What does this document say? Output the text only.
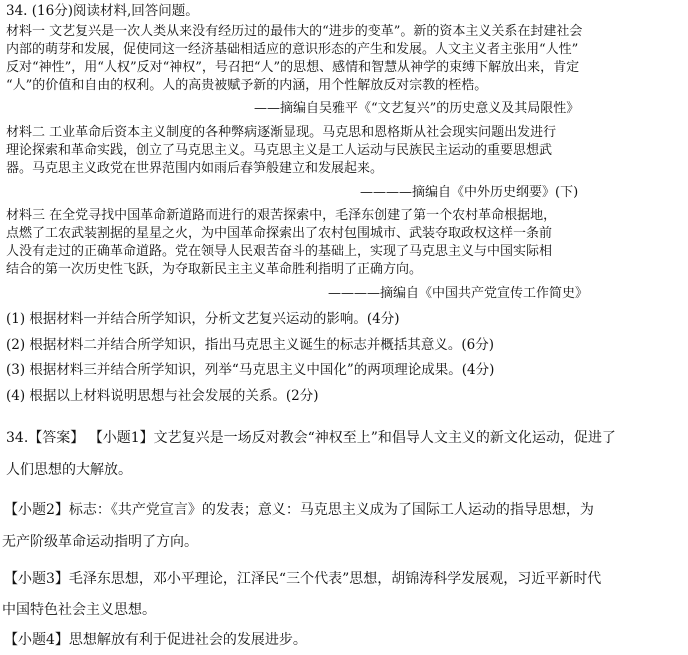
34. (16分)阅读材料,回答问题。
材料一 文艺复兴是一次人类从来没有经历过的最伟大的“进步的变革”。新的资本主义关系在封建社会
内部的萌芽和发展，促使同这一经济基础相适应的意识形态的产生和发展。人文主义者主张用“人性”
反对“神性”，用“人权”反对“神权”，号召把“人”的思想、感情和智慧从神学的束缚下解放出来，肯定
“人”的价值和自由的权利。人的高贵被赋予新的内涵，用个性解放反对宗教的桎梏。
——摘编自吴雅平《“文艺复兴”的历史意义及其局限性》
材料二 工业革命后资本主义制度的各种弊病逐渐显现。马克思和恩格斯从社会现实问题出发进行
理论探索和革命实践，创立了马克思主义。马克思主义是工人运动与民族民主运动的重要思想武
器。马克思主义政党在世界范围内如雨后春笋般建立和发展起来。
————摘编自《中外历史纲要》(下)
材料三 在全党寻找中国革命新道路而进行的艰苦探索中，毛泽东创建了第一个农村革命根据地，
点燃了工农武装割据的星星之火，为中国革命探索出了农村包围城市、武装夺取政权这样一条前
人没有走过的正确革命道路。党在领导人民艰苦奋斗的基础上，实现了马克思主义与中国实际相
结合的第一次历史性飞跃，为夺取新民主主义革命胜利指明了正确方向。
————摘编自《中国共产党宣传工作简史》
(1) 根据材料一并结合所学知识，分析文艺复兴运动的影响。(4分)
(2) 根据材料二并结合所学知识，指出马克思主义诞生的标志并概括其意义。(6分)
(3) 根据材料三并结合所学知识，列举“马克思主义中国化”的两项理论成果。(4分)
(4) 根据以上材料说明思想与社会发展的关系。(2分)
34.【答案】 【小题1】文艺复兴是一场反对教会“神权至上”和倡导人文主义的新文化运动，促进了
人们思想的大解放。
【小题2】标志：《共产党宣言》的发表；意义：马克思主义成为了国际工人运动的指导思想，为
无产阶级革命运动指明了方向。
【小题3】毛泽东思想，邓小平理论，江泽民“三个代表”思想，胡锦涛科学发展观，习近平新时代
中国特色社会主义思想。
【小题4】思想解放有利于促进社会的发展进步。
